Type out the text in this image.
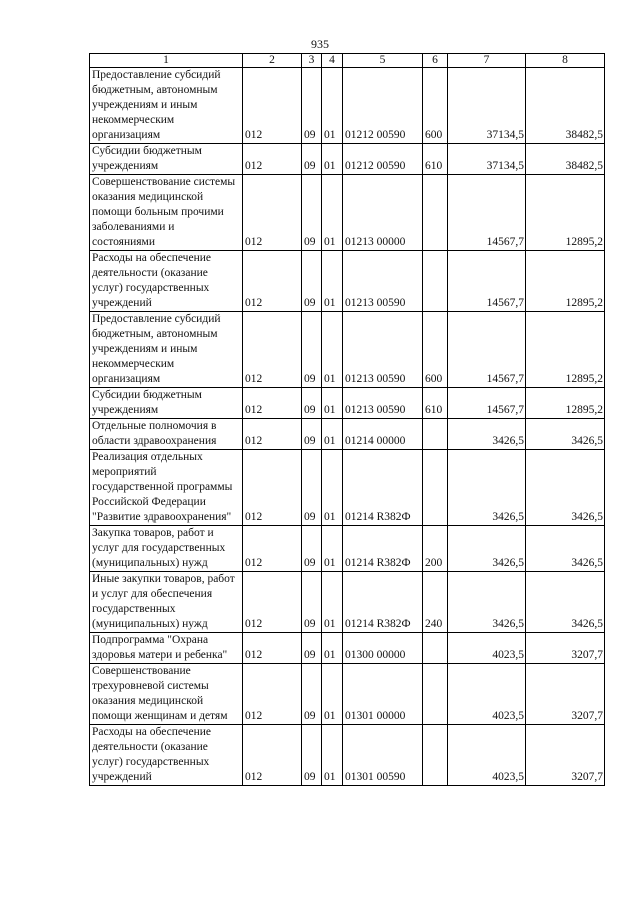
935
1	2	3	4	5	6	7	8
Предоставление субсидий бюджетным, автономным учреждениям и иным некоммерческим организациям	012	09	01	01212 00590	600	37134,5	38482,5
Субсидии бюджетным учреждениям	012	09	01	01212 00590	610	37134,5	38482,5
Совершенствование системы оказания медицинской помощи больным прочими заболеваниями и состояниями	012	09	01	01213 00000		14567,7	12895,2
Расходы на обеспечение деятельности (оказание услуг) государственных учреждений	012	09	01	01213 00590		14567,7	12895,2
Предоставление субсидий бюджетным, автономным учреждениям и иным некоммерческим организациям	012	09	01	01213 00590	600	14567,7	12895,2
Субсидии бюджетным учреждениям	012	09	01	01213 00590	610	14567,7	12895,2
Отдельные полномочия в области здравоохранения	012	09	01	01214 00000		3426,5	3426,5
Реализация отдельных мероприятий государственной программы Российской Федерации "Развитие здравоохранения"	012	09	01	01214 R382Ф		3426,5	3426,5
Закупка товаров, работ и услуг для государственных (муниципальных) нужд	012	09	01	01214 R382Ф	200	3426,5	3426,5
Иные закупки товаров, работ и услуг для обеспечения государственных (муниципальных) нужд	012	09	01	01214 R382Ф	240	3426,5	3426,5
Подпрограмма "Охрана здоровья матери и ребенка"	012	09	01	01300 00000		4023,5	3207,7
Совершенствование трехуровневой системы оказания медицинской помощи женщинам и детям	012	09	01	01301 00000		4023,5	3207,7
Расходы на обеспечение деятельности (оказание услуг) государственных учреждений	012	09	01	01301 00590		4023,5	3207,7
